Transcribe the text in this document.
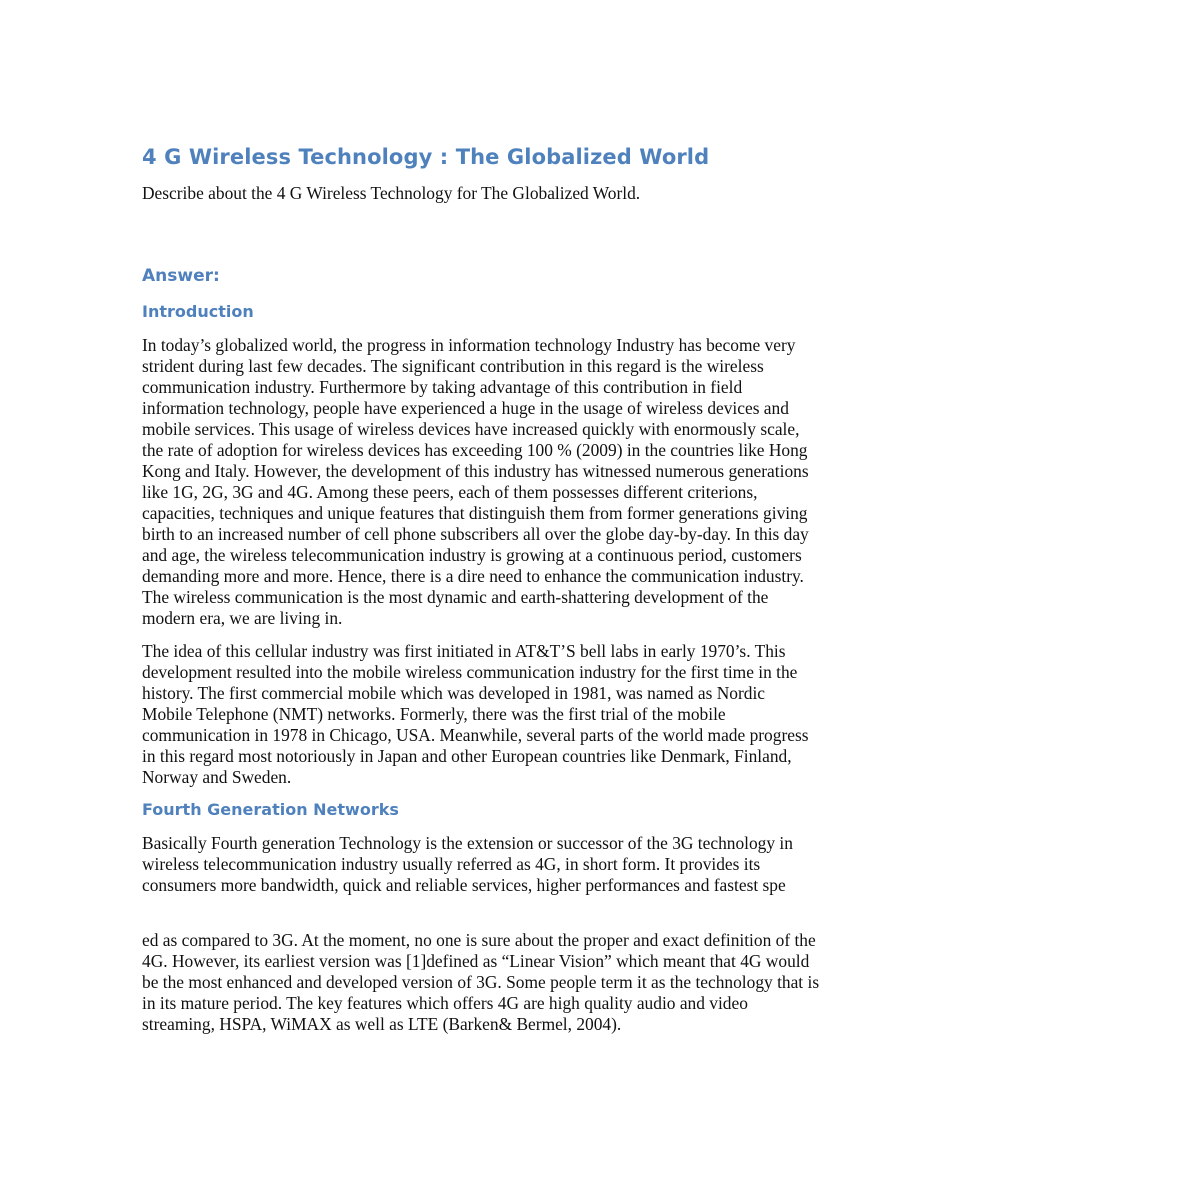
4 G Wireless Technology : The Globalized World
Describe about the 4 G Wireless Technology for The Globalized World.
Answer:
Introduction
In today’s globalized world, the progress in information technology Industry has become very
strident during last few decades. The significant contribution in this regard is the wireless
communication industry. Furthermore by taking advantage of this contribution in field
information technology, people have experienced a huge in the usage of wireless devices and
mobile services. This usage of wireless devices have increased quickly with enormously scale,
the rate of adoption for wireless devices has exceeding 100 % (2009) in the countries like Hong
Kong and Italy. However, the development of this industry has witnessed numerous generations
like 1G, 2G, 3G and 4G. Among these peers, each of them possesses different criterions,
capacities, techniques and unique features that distinguish them from former generations giving
birth to an increased number of cell phone subscribers all over the globe day-by-day. In this day
and age, the wireless telecommunication industry is growing at a continuous period, customers
demanding more and more. Hence, there is a dire need to enhance the communication industry.
The wireless communication is the most dynamic and earth-shattering development of the
modern era, we are living in.
The idea of this cellular industry was first initiated in AT&T’S bell labs in early 1970’s. This
development resulted into the mobile wireless communication industry for the first time in the
history. The first commercial mobile which was developed in 1981, was named as Nordic
Mobile Telephone (NMT) networks. Formerly, there was the first trial of the mobile
communication in 1978 in Chicago, USA. Meanwhile, several parts of the world made progress
in this regard most notoriously in Japan and other European countries like Denmark, Finland,
Norway and Sweden.
Fourth Generation Networks
Basically Fourth generation Technology is the extension or successor of the 3G technology in
wireless telecommunication industry usually referred as 4G, in short form. It provides its
consumers more bandwidth, quick and reliable services, higher performances and fastest spe
ed as compared to 3G. At the moment, no one is sure about the proper and exact definition of the
4G. However, its earliest version was [1]defined as “Linear Vision” which meant that 4G would
be the most enhanced and developed version of 3G. Some people term it as the technology that is
in its mature period. The key features which offers 4G are high quality audio and video
streaming, HSPA, WiMAX as well as LTE (Barken& Bermel, 2004).
